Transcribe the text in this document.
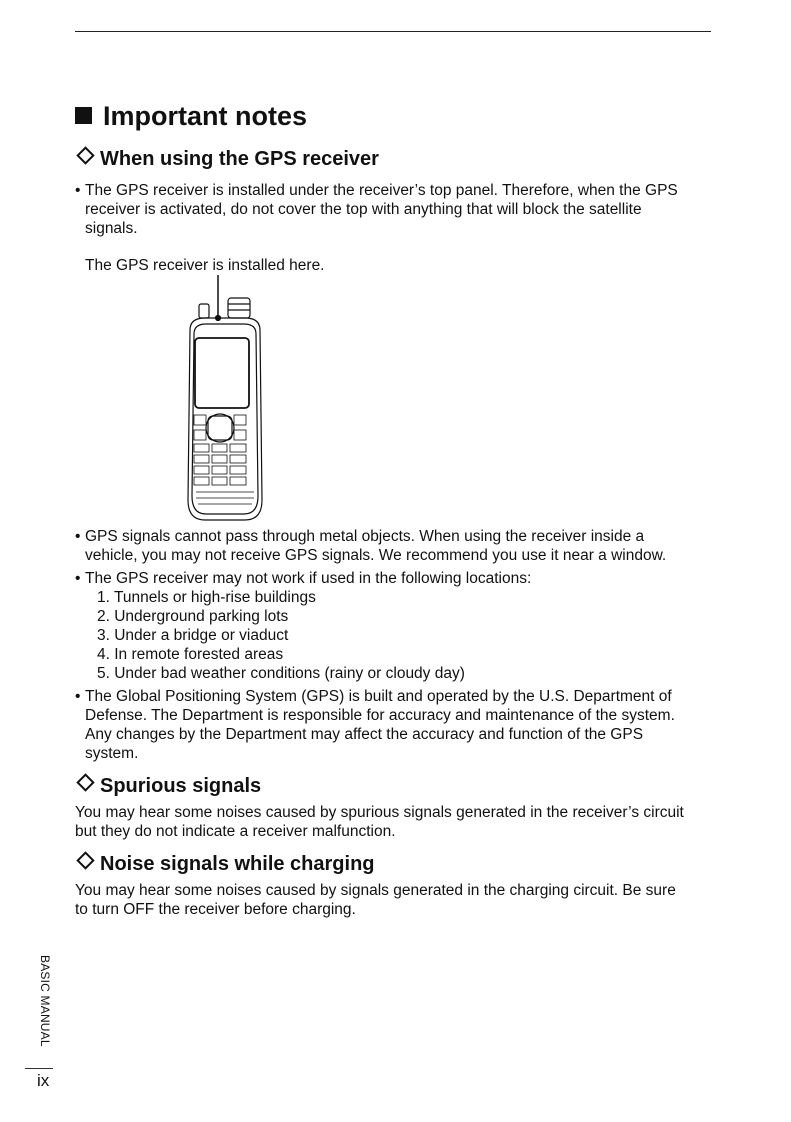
Important notes
When using the GPS receiver
• The GPS receiver is installed under the receiver’s top panel. Therefore, when the GPS
receiver is activated, do not cover the top with anything that will block the satellite
signals.
The GPS receiver is installed here.
• GPS signals cannot pass through metal objects. When using the receiver inside a
vehicle, you may not receive GPS signals. We recommend you use it near a window.
• The GPS receiver may not work if used in the following locations:
1. Tunnels or high-rise buildings
2. Underground parking lots
3. Under a bridge or viaduct
4. In remote forested areas
5. Under bad weather conditions (rainy or cloudy day)
• The Global Positioning System (GPS) is built and operated by the U.S. Department of
Defense. The Department is responsible for accuracy and maintenance of the system.
Any changes by the Department may affect the accuracy and function of the GPS
system.
Spurious signals
You may hear some noises caused by spurious signals generated in the receiver’s circuit
but they do not indicate a receiver malfunction.
Noise signals while charging
You may hear some noises caused by signals generated in the charging circuit. Be sure
to turn OFF the receiver before charging.
BASIC MANUAL
ix
